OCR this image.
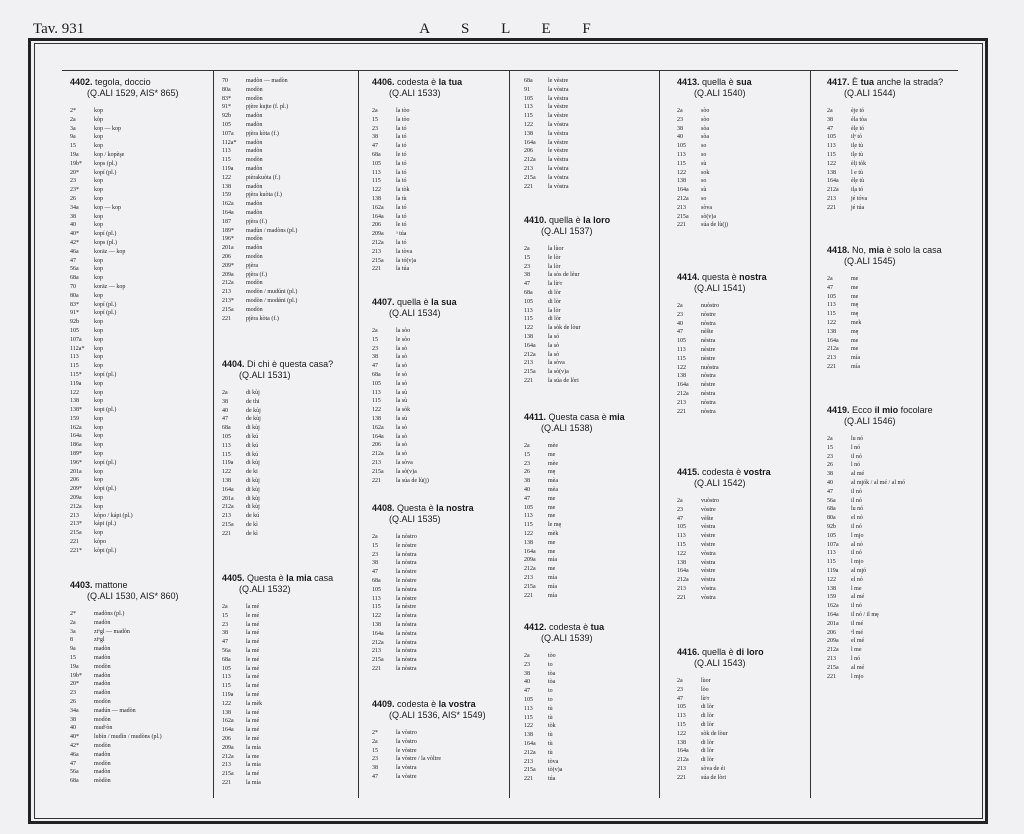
Tav. 931	A S L E F
4402. tegola, doccio
(Q.ALI 1529, AIS* 865)
2*	kop
2a	kòp
3a	kop — kop
9a	kop
15	kop
19a	kop / kopèşe
19b* kops (pl.)
20*	kopí (pl.)
23	kop
23*	kop
26	kop
34a	kop — kop
38	kop
40	kop
40*	kopí (pl.)
42*	kops (pl.)
46a	korāz — kop
47	kop
56a	kop
68a	kop
70	korāz — kop
80a	kop
83*	kopí (pl.)
91*	kopí (pl.)
92b	kop
105	kop
107a kop
112a* kop
113	kop
115	kop
115* kopí (pl.)
119a kop
122	kop
138	kop
138* kopi (pl.)
159	kop
162a kop
164a kop
186a kop
189* kop
196* kopí (pl.)
201a kop
206	kop
209* kòpi (pl.)
209a kop
212a kop
213	kòpo / kápi (pl.)
213* kápi (pl.)
215a kop
221	kòpo
221* kòpi (pl.)
4403. mattone
(Q.ALI 1530, AIS* 860)
2*	madòns (pl.)
2a	madòn
3a	ziᵉgl — madòn
8	ziᵉgl
9a	madòn
15	madòn
19a	modòn
19b* madòn
20*	madòn
23	madòn
26	modòn
34a	madún — madòn
38	modòn
40	mudᵒòn
40*	lubìn / mudìn / mudòns (pl.)
42*	modòn
46a	madòn
47	modòn
56a	madòn
68a	mòdòn
70	madòn — madòn
80a	modòn
83*	modòn
91*	pjère kujte (f. pl.)
92b	madòn
105	madòn
107a pjèra kòta (f.)
112a* madòn
113	madòn
115	modòn
119a madòn
122	pièrakuòta (f.)
138	madòn
159	pjèra kuòta (f.)
162a madòn
164a madòn
187	pjèra (f.)
189* madùn / madòns (pl.)
196* modòn
201a madòn
206	modòn
209* pjèra
209a pjèra (f.)
212a modòn
213	modòn / mudúni (pl.)
213* modòn / modǿni (pl.)
215a modòn
221	pjèra kòta (f.)
4404. Di chi è questa casa?
(Q.ALI 1531)
2a	di kùj
38	de thi
40	de kùj
47	de kùj
68a	di kùj
105	di kú
113	di kú
115	di kú
119a di kùj
122	de ki
138	di kùj
164a di kùj
201a di kùj
212a di kùj
213	de kú
215a de kì
221	de kì
4405. Questa è la mia casa
(Q.ALI 1532)
2a	la mé
15	le mé
23	la mé
38	la mé
47	la mé
56a	la mé
68a	le mé
105	la mé
113	la mé
115	la mé
119a la mé
122	la mèk
138	la mé
162a la mé
164a la mé
206	le mé
209a la mía
212a la me
213	la mía
215a la mé
221	la mía
4406. codesta è la tua
(Q.ALI 1533)
2a	la tòo
15	la tòo
23	la tó
38	la tó
47	la tó
68a	le tó
105	la tó
113	la tó
115	la tó
122	la tòk
138	la tù
162a la tó
164a la tó
206	le tó
209a ᵃ túa
212a la tó
213	la tòva
215a la tó(v)a
221	la túa
4407. quella è la sua
(Q.ALI 1534)
2a	la sòo
15	le sòo
23	la sò
38	la sò
47	la sò
68a	le sò
105	la sò
113	la sù
115	la sù
122	la sòk
138	la sù
162a la sò
164a la sò
206	la sò
212a la sò
213	la sòva
215a la sò(v)a
221	la súa de lù(j)
4408. Questa è la nostra
(Q.ALI 1535)
2a	la nòstro
15	le nòstre
23	la nòstra
38	la nòstra
47	la nòstre
68a	le nòstre
105	la nòstra
113	la nòstre
115	la nèstre
122	la nòstra
138	la nòstra
164a la nòstra
212a la nòstra
213	la nòstra
215a la nòstra
221	la nòstra
4409. codesta è la vostra
(Q.ALI 1536, AIS* 1549)
2*	la vòstro
2a	la vòstro
15	le vòstre
23	la vòstre / la vòltre
38	la vòstra
47	la vòstre
68a	le vèstre
91	la vòstra
105	la vèstra
113	la vèstre
115	la vèstre
122	la vòstra
138	la vèstra
164a la vèstre
206	le vèstre
212a la vèstra
213	la vòstra
215a la vòstra
221	la vòstra
4410. quella è la loro
(Q.ALI 1537)
2a	la lùor
15	le lòr
23	la lòr
38	la sòs de lèur
47	la lùᵒr
68a	di lòr
105	di lòr
113	la lòr
115	di lòr
122	la sòk de lòur
138	la só
164a la sò
212a la sò
213	la sòva
215a la sò(v)a
221	la súa de lòri
4411. Questa casa è mia
(Q.ALI 1538)
2a	mèe
15	me
23	mèe
26	mę
38	mèa
40	mèa
47	me
105	me
113	me
115	le mę
122	mèk
138	me
164a me
209a mía
212a me
213	mía
215a mía
221	mía
4412. codesta è tua
(Q.ALI 1539)
2a	tòo
23	to
38	tòa
40	tòa
47	to
105	to
113	tù
115	tù
122	tòk
138	tù
164a tù
212a tù
213	tòva
215a tò(v)a
221	túa
4413. quella è sua
(Q.ALI 1540)
2a	sòo
23	sòo
38	sòa
40	sòa
105	so
113	so
115	sù
122	sok
138	so
164a sù
212a so
213	sòva
215a sò(v)a
221	súa de lù(j)
4414. questa è nostra
(Q.ALI 1541)
2a	nuòstro
23	nòstre
40	nòstra
47	nèšte
105	nèstra
113	nèstre
115	nèstre
122	nuòstra
138	nòstra
164a nèstre
212a nèstra
213	nòstra
221	nòstra
4415. codesta è vostra
(Q.ALI 1542)
2a	vuòstro
23	vòstre
47	vèšte
105	vèstra
113	vèstre
115	vèstre
122	vòstra
138	vèstra
164a vèstre
212a vèstra
213	vòstra
221	vòstra
4416. quella è di loro
(Q.ALI 1543)
2a	lùor
23	lòo
47	lùᵒr
105	di lòr
113	di lòr
115	di lòr
122	sòk de lòur
138	di lòr
164a di lòr
212a di lòr
213	sòva de éi
221	súa de lòri
4417. È tua anche la strada?
(Q.ALI 1544)
2a	èje tó
38	èla tòa
47	èl̦e tó
105	il̦ᵉ tó
113	il̦e tù
115	il̦e tù
122	èl̦i tòk
138	l e tù
164a èl̦e tù
212a il̦a tó
213	jé tóva
221	jé túa
4418. No, mia è solo la casa
(Q.ALI 1545)
2a	me
47	me
105	me
113	mę
115	mę
122	mek
138	mę
164a me
212a me
213	mía
221	mía
4419. Ecco il mio focolare
(Q.ALI 1546)
2a	lu nó
15	l nó
23	il nó
26	l nó
38	al mé
40	al mjók / al mé / al mó
47	il nó
56a	il nó
68a	lu nó
80a	el nó
92b	il nó
105	l mjo
107a al nó
113	il nó
115	l mjo
119a al mjó
122	el nó
138	l me
159	al mé
162a il nó
164a il nó / il mę
201a il mé
206	ᵉl mé
209a el mé
212a l me
213	l nó
215a al mé
221	l mjo
